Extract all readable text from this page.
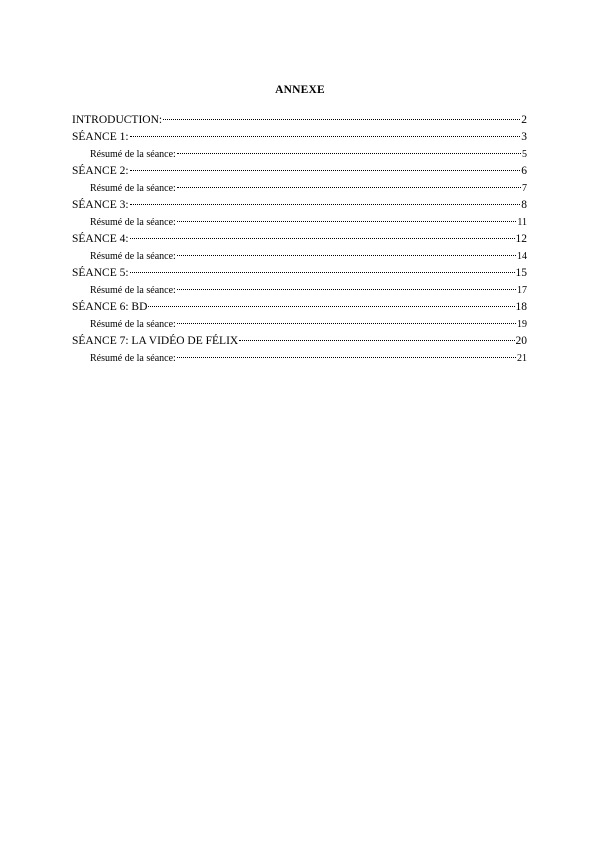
ANNEXE
INTRODUCTION:	2
SÉANCE 1:	3
Résumé de la séance:	5
SÉANCE 2:	6
Résumé de la séance:	7
SÉANCE 3:	8
Résumé de la séance:	11
SÉANCE 4:	12
Résumé de la séance:	14
SÉANCE 5:	15
Résumé de la séance:	17
SÉANCE 6: BD	18
Résumé de la séance:	19
SÉANCE 7: LA VIDÉO DE FÉLIX	20
Résumé de la séance:	21
